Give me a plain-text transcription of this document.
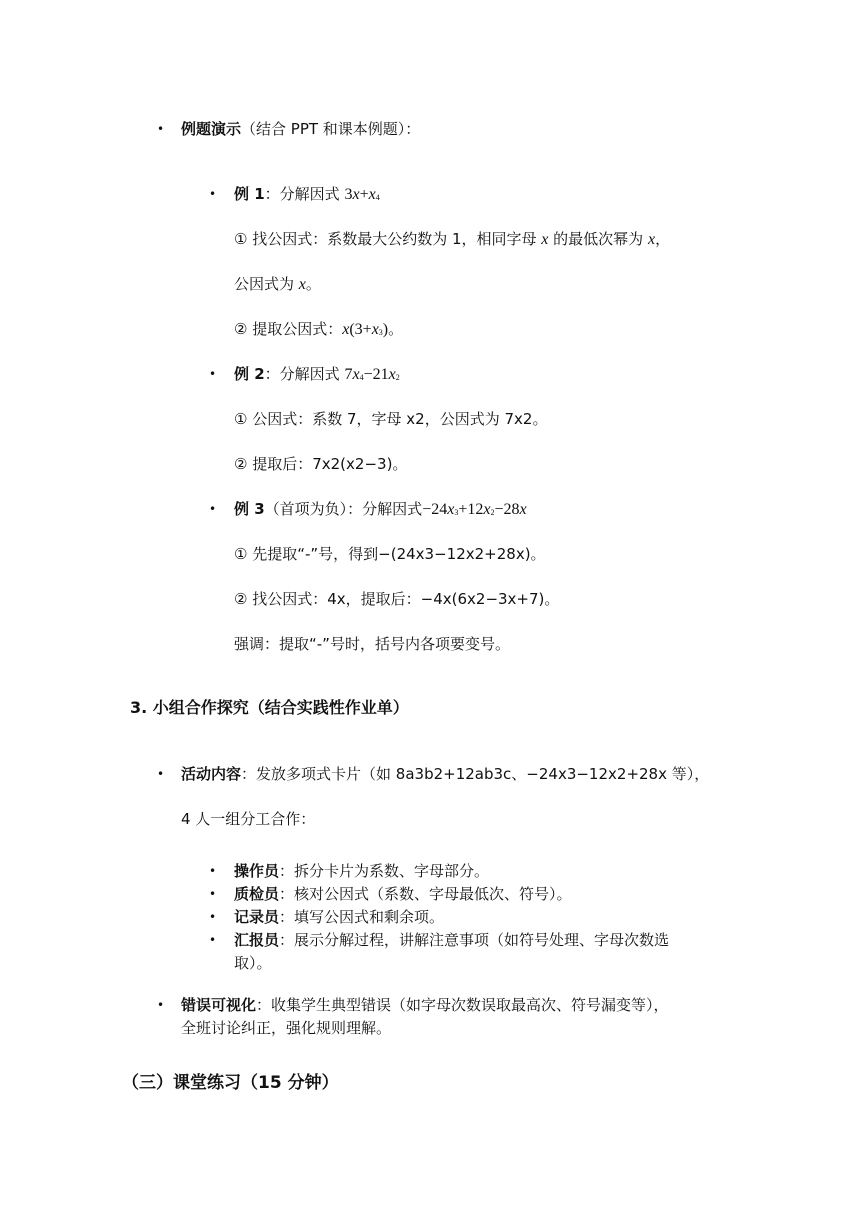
• 例题演示（结合 PPT 和课本例题）：
• 例 1：分解因式 $3x+x_4$
① 找公因式：系数最大公约数为 1，相同字母 x 的最低次幂为 x，
公因式为 x。
② 提取公因式：$x(3+x_3)$。
• 例 2：分解因式 $7x_4-21x_2$
① 公因式：系数 7，字母 x2，公因式为 7x2。
② 提取后：7x2(x2−3)。
• 例 3（首项为负）：分解因式$-24x_3+12x_2-28x$
① 先提取“-”号，得到−(24x3−12x2+28x)。
② 找公因式：4x，提取后：−4x(6x2−3x+7)。
强调：提取“-”号时，括号内各项要变号。
3. 小组合作探究（结合实践性作业单）
• 活动内容：发放多项式卡片（如 8a3b2+12ab3c、−24x3−12x2+28x 等），
4 人一组分工合作：
• 操作员：拆分卡片为系数、字母部分。
• 质检员：核对公因式（系数、字母最低次、符号）。
• 记录员：填写公因式和剩余项。
• 汇报员：展示分解过程，讲解注意事项（如符号处理、字母次数选
取）。
• 错误可视化：收集学生典型错误（如字母次数误取最高次、符号漏变等），
全班讨论纠正，强化规则理解。
（三）课堂练习（15 分钟）
